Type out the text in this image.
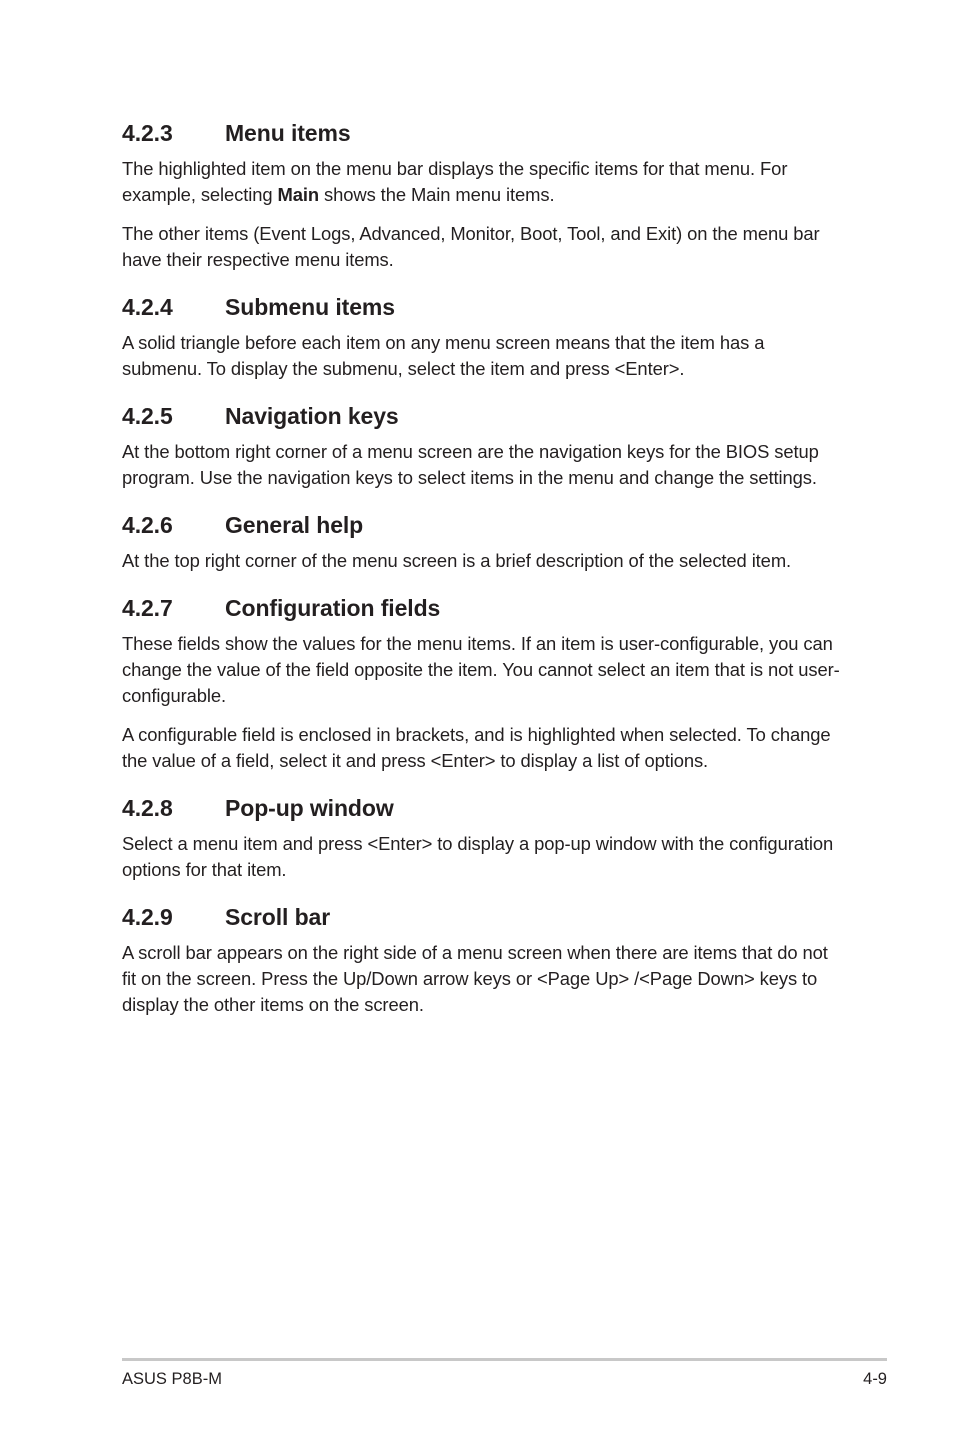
4.2.3	Menu items

The highlighted item on the menu bar displays the specific items for that menu. For example, selecting Main shows the Main menu items.

The other items (Event Logs, Advanced, Monitor, Boot, Tool, and Exit) on the menu bar have their respective menu items.

4.2.4	Submenu items

A solid triangle before each item on any menu screen means that the item has a submenu. To display the submenu, select the item and press <Enter>.

4.2.5	Navigation keys

At the bottom right corner of a menu screen are the navigation keys for the BIOS setup program. Use the navigation keys to select items in the menu and change the settings.

4.2.6	General help

At the top right corner of the menu screen is a brief description of the selected item.

4.2.7	Configuration fields

These fields show the values for the menu items. If an item is user-configurable, you can change the value of the field opposite the item. You cannot select an item that is not user-configurable.

A configurable field is enclosed in brackets, and is highlighted when selected. To change the value of a field, select it and press <Enter> to display a list of options.

4.2.8	Pop-up window

Select a menu item and press <Enter> to display a pop-up window with the configuration options for that item.

4.2.9	Scroll bar

A scroll bar appears on the right side of a menu screen when there are items that do not fit on the screen. Press the Up/Down arrow keys or <Page Up> /<Page Down> keys to display the other items on the screen.

ASUS P8B-M	4-9
